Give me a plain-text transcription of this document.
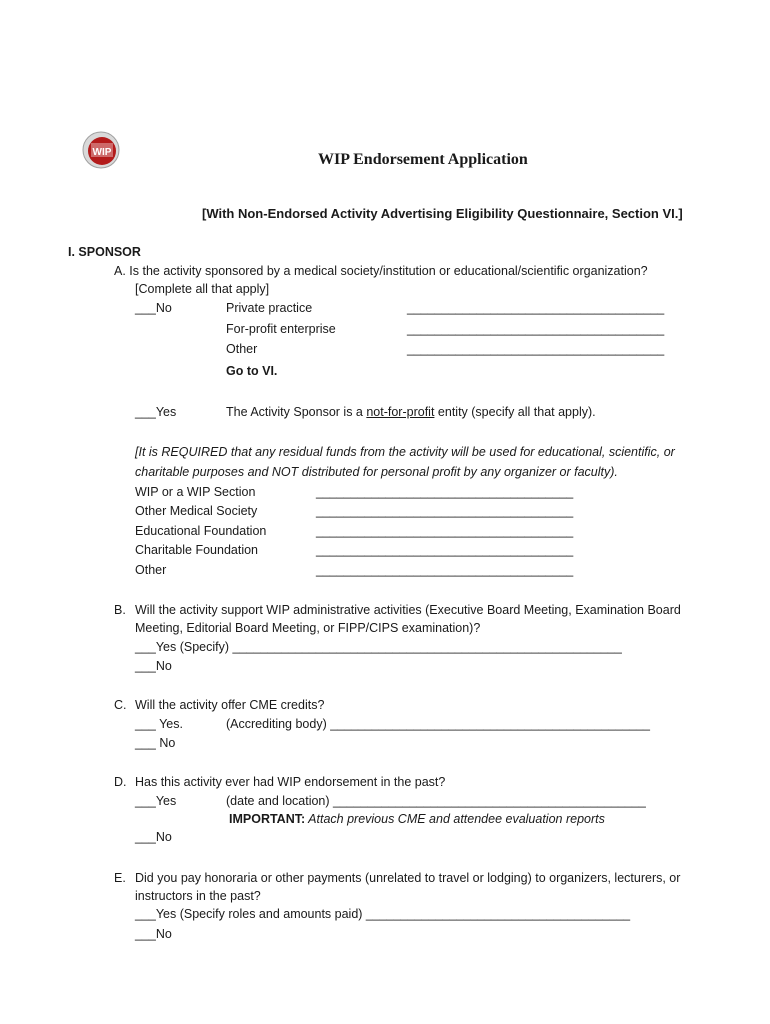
WIP	WIP Endorsement Application
[With Non-Endorsed Activity Advertising Eligibility Questionnaire, Section VI.]
I. SPONSOR
A. Is the activity sponsored by a medical society/institution or educational/scientific organization?
[Complete all that apply]
___No	Private practice	_____________________________________
For-profit enterprise	_____________________________________
Other	_____________________________________
Go to VI.
___Yes	The Activity Sponsor is a not-for-profit entity (specify all that apply).
[It is REQUIRED that any residual funds from the activity will be used for educational, scientific, or
charitable purposes and NOT distributed for personal profit by any organizer or faculty).
WIP or a WIP Section	_____________________________________
Other Medical Society	_____________________________________
Educational Foundation	_____________________________________
Charitable Foundation	_____________________________________
Other	_____________________________________
B. Will the activity support WIP administrative activities (Executive Board Meeting, Examination Board
Meeting, Editorial Board Meeting, or FIPP/CIPS examination)?
___Yes (Specify) ________________________________________________________
___No
C. Will the activity offer CME credits?
___ Yes.	(Accrediting body) ______________________________________________
___ No
D. Has this activity ever had WIP endorsement in the past?
___Yes	(date and location) _____________________________________________
IMPORTANT: Attach previous CME and attendee evaluation reports
___No
E. Did you pay honoraria or other payments (unrelated to travel or lodging) to organizers, lecturers, or
instructors in the past?
___Yes (Specify roles and amounts paid) ______________________________________
___No
